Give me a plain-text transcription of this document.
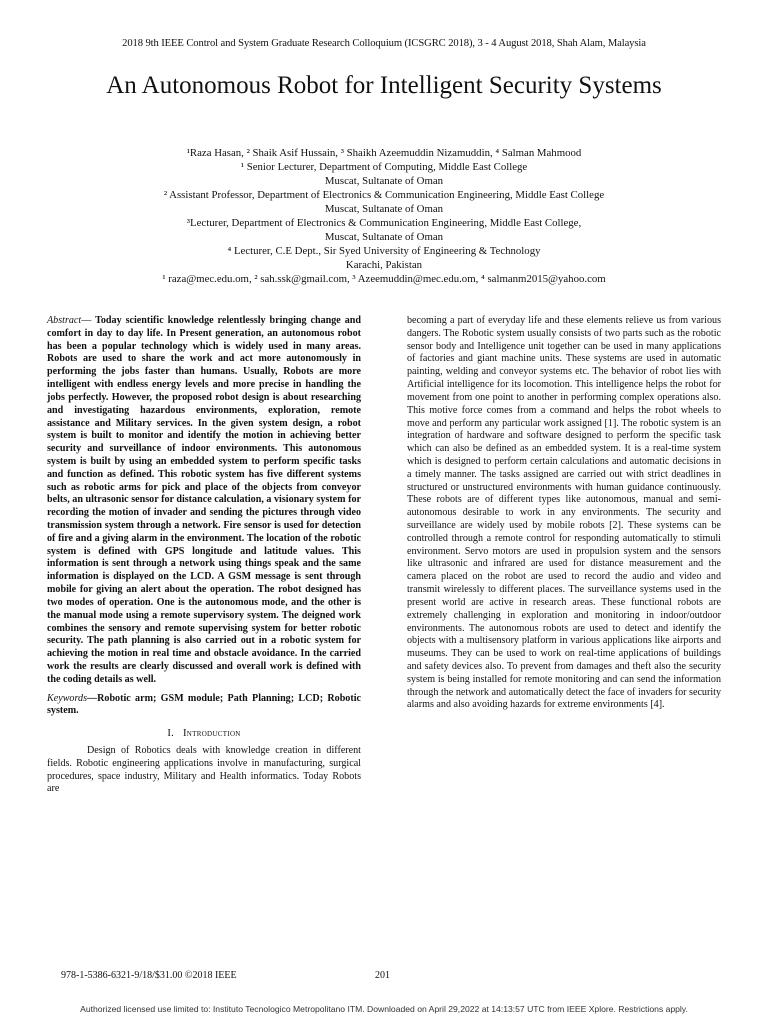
2018 9th IEEE Control and System Graduate Research Colloquium (ICSGRC 2018), 3 - 4 August 2018, Shah Alam, Malaysia
An Autonomous Robot for Intelligent Security Systems
¹Raza Hasan, ² Shaik Asif Hussain, ³ Shaikh Azeemuddin Nizamuddin, ⁴ Salman Mahmood
¹ Senior Lecturer, Department of Computing, Middle East College
Muscat, Sultanate of Oman
² Assistant Professor, Department of Electronics & Communication Engineering, Middle East College
Muscat, Sultanate of Oman
³Lecturer, Department of Electronics & Communication Engineering, Middle East College,
Muscat, Sultanate of Oman
⁴ Lecturer, C.E Dept., Sir Syed University of Engineering & Technology
Karachi, Pakistan
¹ raza@mec.edu.om, ² sah.ssk@gmail.com, ³ Azeemuddin@mec.edu.om, ⁴ salmanm2015@yahoo.com

Abstract— Today scientific knowledge relentlessly bringing change and comfort in day to day life. In Present generation, an autonomous robot has been a popular technology which is widely used in many areas. Robots are used to share the work and act more autonomously in performing the jobs faster than humans. Usually, Robots are more intelligent with endless energy levels and more precise in handling the jobs perfectly. However, the proposed robot design is about researching and investigating hazardous environments, exploration, remote assistance and Military services. In the given system design, a robot system is built to monitor and identify the motion in achieving better security and surveillance of indoor environments. This autonomous system is built by using an embedded system to perform specific tasks and function as defined. This robotic system has five different systems such as robotic arms for pick and place of the objects from conveyor belts, an ultrasonic sensor for distance calculation, a visionary system for recording the motion of invader and sending the pictures through video transmission system through a network. Fire sensor is used for detection of fire and a giving alarm in the environment. The location of the robotic system is defined with GPS longitude and latitude values. This information is sent through a network using things speak and the same information is displayed on the LCD. A GSM message is sent through mobile for giving an alert about the operation. The robot designed has two modes of operation. One is the autonomous mode, and the other is the manual mode using a remote supervisory system. The deigned work combines the sensory and remote supervising system for better robotic security. The path planning is also carried out in a robotic system for achieving the motion in real time and obstacle avoidance. In the carried work the results are clearly discussed and overall work is defined with the coding details as well.

Keywords—Robotic arm; GSM module; Path Planning; LCD; Robotic system.

I. Introduction

Design of Robotics deals with knowledge creation in different fields. Robotic engineering applications involve in manufacturing, surgical procedures, space industry, Military and Health informatics. Today Robots are

becoming a part of everyday life and these elements relieve us from various dangers. The Robotic system usually consists of two parts such as the robotic sensor body and Intelligence unit together can be used in many applications of factories and giant machine units. These systems are used in automatic painting, welding and conveyor systems etc. The behavior of robot lies with Artificial intelligence for its locomotion. This intelligence helps the robot for movement from one point to another in performing complex operations also. This motive force comes from a command and helps the robot wheels to move and perform any particular work assigned [1]. The robotic system is an integration of hardware and software designed to perform the specific task which can also be defined as an embedded system. It is a real-time system which is designed to perform certain calculations and automatic decisions in a timely manner. The tasks assigned are carried out with strict deadlines in structured or unstructured environments with human guidance continuously. These robots are of different types like autonomous, manual and semi-autonomous desirable to work in any environments. The security and surveillance are widely used by mobile robots [2]. These systems can be controlled through a remote control for responding automatically to stimuli environment. Servo motors are used in propulsion system and the sensors like ultrasonic and infrared are used for distance measurement and the camera placed on the robot are used to record the audio and video and transmit wirelessly to different places. The surveillance systems used in the present world are active in research areas. These functional robots are extremely challenging in exploration and monitoring in indoor/outdoor environments. The autonomous robots are used to detect and identify the objects with a multisensory platform in various applications like airports and museums. They can be used to work on real-time applications of buildings and safety devices also. To prevent from damages and theft also the security system is being installed for remote monitoring and can send the information through the network and automatically detect the face of invaders for security alarms and also avoiding hazards for extreme environments [4].

978-1-5386-6321-9/18/$31.00 ©2018 IEEE	201
Authorized licensed use limited to: Instituto Tecnologico Metropolitano ITM. Downloaded on April 29,2022 at 14:13:57 UTC from IEEE Xplore. Restrictions apply.
